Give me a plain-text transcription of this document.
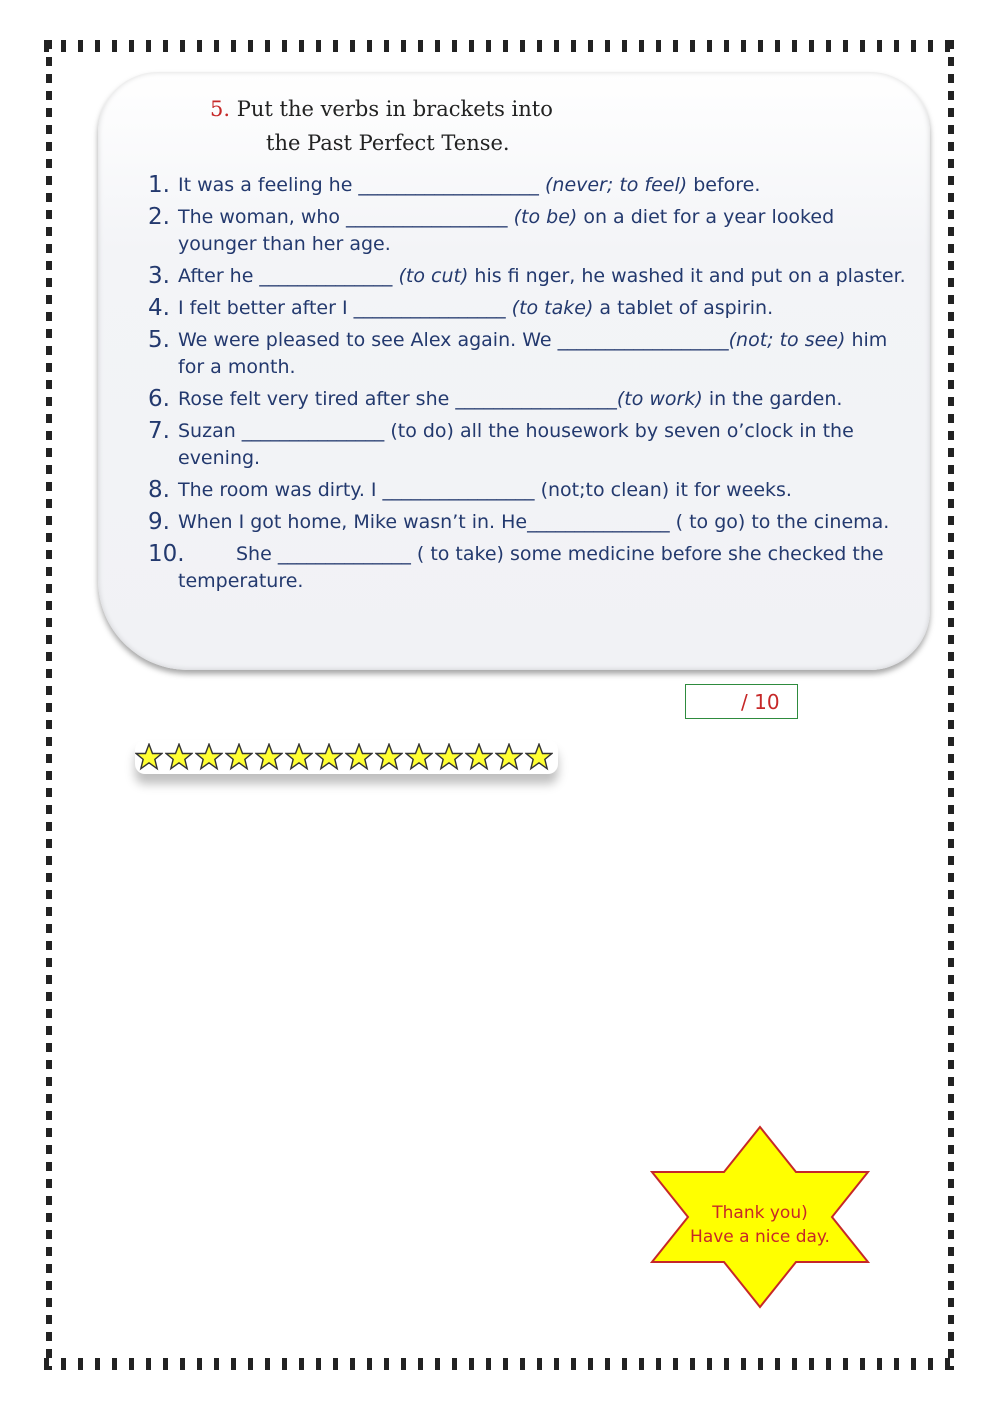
5. Put the verbs in brackets into
the Past Perfect Tense.
1. It was a feeling he ___________________ (never; to feel) before.
2. The woman, who _________________ (to be) on a diet for a year looked younger than her age.
3. After he ______________ (to cut) his fi nger, he washed it and put on a plaster.
4. I felt better after I ________________ (to take) a tablet of aspirin.
5. We were pleased to see Alex again. We __________________(not; to see) him for a month.
6. Rose felt very tired after she _________________(to work) in the garden.
7. Suzan _______________ (to do) all the housework by seven o’clock in the evening.
8. The room was dirty. I ________________ (not;to clean) it for weeks.
9. When I got home, Mike wasn’t in. He_______________ ( to go) to the cinema.
10.	She ______________ ( to take) some medicine before she checked the temperature.
/ 10
Thank you)
Have a nice day.
